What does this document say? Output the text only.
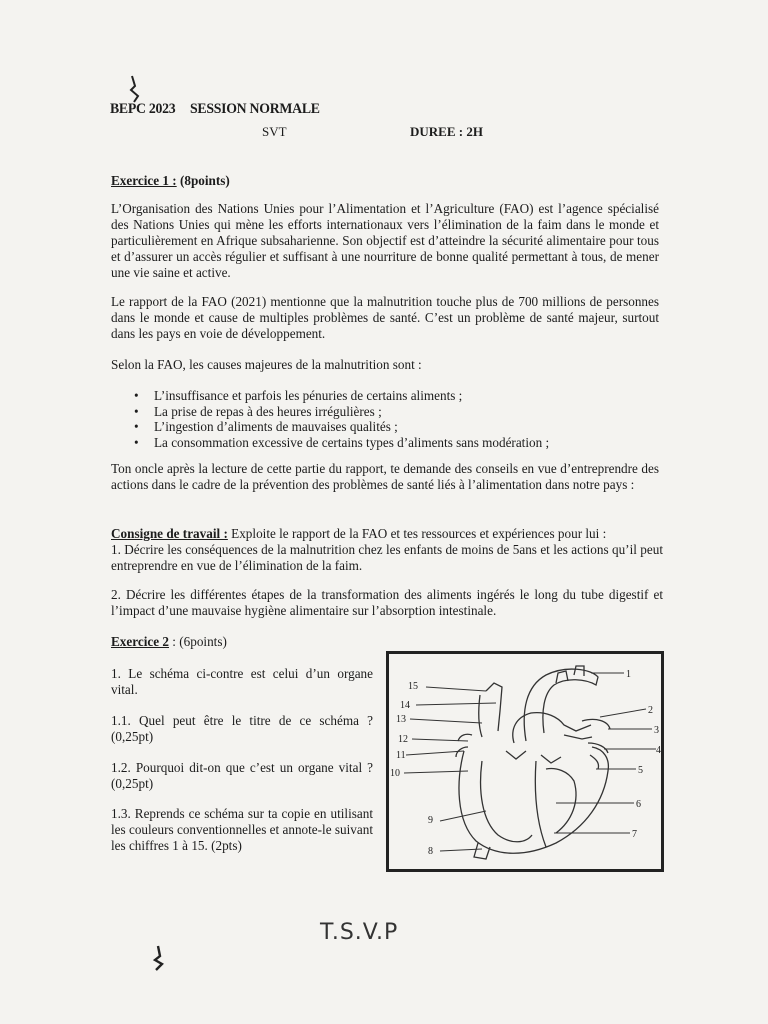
BEPC 2023 SESSION NORMALE
SVT	DUREE : 2H
Exercice 1 : (8points)

L’Organisation des Nations Unies pour l’Alimentation et l’Agriculture (FAO) est l’agence spécialisé des Nations Unies qui mène les efforts internationaux vers l’élimination de la faim dans le monde et particulièrement en Afrique subsaharienne. Son objectif est d’atteindre la sécurité alimentaire pour tous et d’assurer un accès régulier et suffisant à une nourriture de bonne qualité permettant à tous, de mener une vie saine et active.

Le rapport de la FAO (2021) mentionne que la malnutrition touche plus de 700 millions de personnes dans le monde et cause de multiples problèmes de santé. C’est un problème de santé majeur, surtout dans les pays en voie de développement.

Selon la FAO, les causes majeures de la malnutrition sont :

• L’insuffisance et parfois les pénuries de certains aliments ;
• La prise de repas à des heures irrégulières ;
• L’ingestion d’aliments de mauvaises qualités ;
• La consommation excessive de certains types d’aliments sans modération ;

Ton oncle après la lecture de cette partie du rapport, te demande des conseils en vue d’entreprendre des actions dans le cadre de la prévention des problèmes de santé liés à l’alimentation dans notre pays :

Consigne de travail : Exploite le rapport de la FAO et tes ressources et expériences pour lui :

1. Décrire les conséquences de la malnutrition chez les enfants de moins de 5ans et les actions qu’il peut entreprendre en vue de l’élimination de la faim.

2. Décrire les différentes étapes de la transformation des aliments ingérés le long du tube digestif et l’impact d’une mauvaise hygiène alimentaire sur l’absorption intestinale.

Exercice 2 : (6points)

1. Le schéma ci-contre est celui d’un organe vital.

1.1. Quel peut être le titre de ce schéma ? (0,25pt)

1.2. Pourquoi dit-on que c’est un organe vital ? (0,25pt)

1.3. Reprends ce schéma sur ta copie en utilisant les couleurs conventionnelles et annote-le suivant les chiffres 1 à 15. (2pts)

1
2
3
4
5
6
7
8
9
10
11
12
13
14
15
T.S.V.P
